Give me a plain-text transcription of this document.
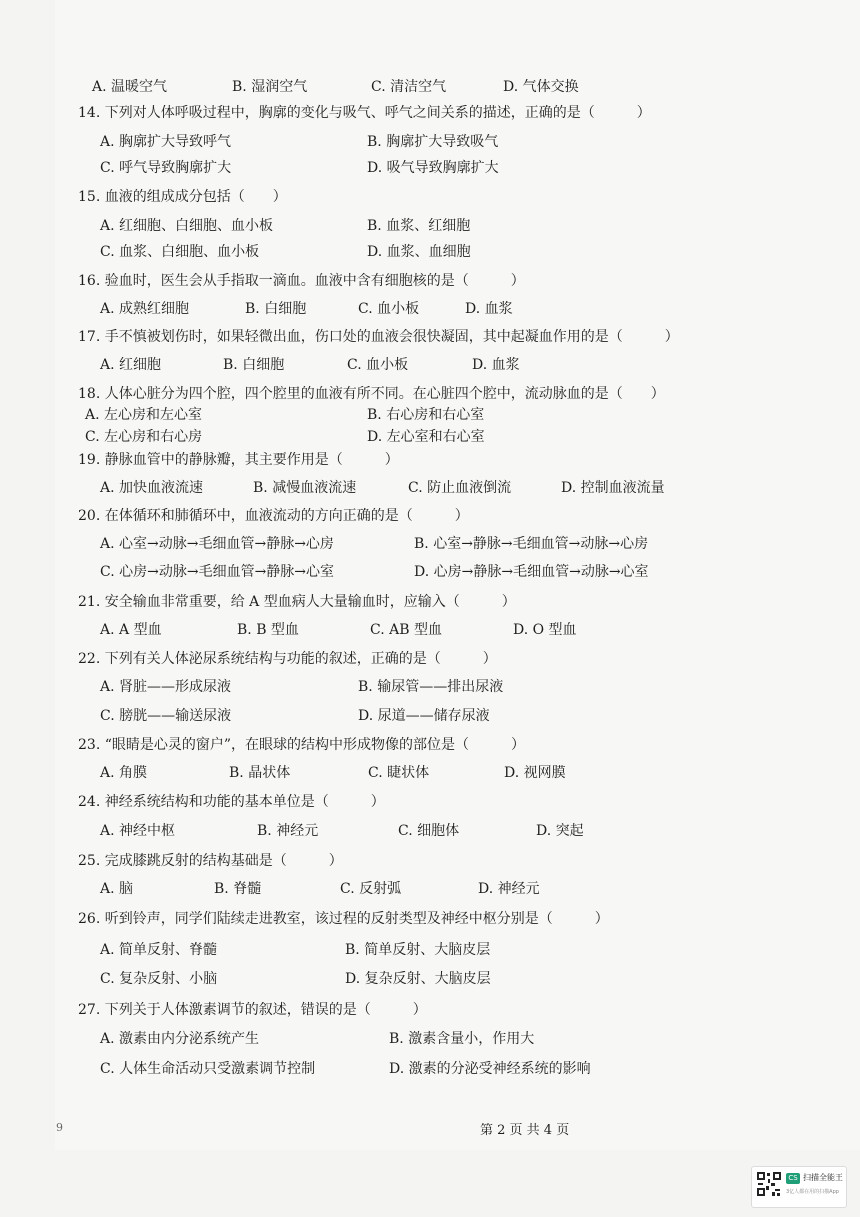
A. 温暖空气	B. 湿润空气	C. 清洁空气	D. 气体交换
14. 下列对人体呼吸过程中，胸廓的变化与吸气、呼气之间关系的描述，正确的是（　　　）
A. 胸廓扩大导致呼气	B. 胸廓扩大导致吸气
C. 呼气导致胸廓扩大	D. 吸气导致胸廓扩大
15. 血液的组成成分包括（　　）
A. 红细胞、白细胞、血小板	B. 血浆、红细胞
C. 血浆、白细胞、血小板	D. 血浆、血细胞
16. 验血时，医生会从手指取一滴血。血液中含有细胞核的是（　　　）
A. 成熟红细胞	B. 白细胞	C. 血小板	D. 血浆
17. 手不慎被划伤时，如果轻微出血，伤口处的血液会很快凝固，其中起凝血作用的是（　　　）
A. 红细胞	B. 白细胞	C. 血小板	D. 血浆
18. 人体心脏分为四个腔，四个腔里的血液有所不同。在心脏四个腔中，流动脉血的是（　　）
A. 左心房和左心室	B. 右心房和右心室
C. 左心房和右心房	D. 左心室和右心室
19. 静脉血管中的静脉瓣，其主要作用是（　　　）
A. 加快血液流速	B. 减慢血液流速	C. 防止血液倒流	D. 控制血液流量
20. 在体循环和肺循环中，血液流动的方向正确的是（　　　）
A. 心室→动脉→毛细血管→静脉→心房	B. 心室→静脉→毛细血管→动脉→心房
C. 心房→动脉→毛细血管→静脉→心室	D. 心房→静脉→毛细血管→动脉→心室
21. 安全输血非常重要，给 A 型血病人大量输血时，应输入（　　　）
A. A 型血	B. B 型血	C. AB 型血	D. O 型血
22. 下列有关人体泌尿系统结构与功能的叙述，正确的是（　　　）
A. 肾脏——形成尿液	B. 输尿管——排出尿液
C. 膀胱——输送尿液	D. 尿道——储存尿液
23. “眼睛是心灵的窗户”，在眼球的结构中形成物像的部位是（　　　）
A. 角膜	B. 晶状体	C. 睫状体	D. 视网膜
24. 神经系统结构和功能的基本单位是（　　　）
A. 神经中枢	B. 神经元	C. 细胞体	D. 突起
25. 完成膝跳反射的结构基础是（　　　）
A. 脑	B. 脊髓	C. 反射弧	D. 神经元
26. 听到铃声，同学们陆续走进教室，该过程的反射类型及神经中枢分别是（　　　）
A. 简单反射、脊髓	B. 简单反射、大脑皮层
C. 复杂反射、小脑	D. 复杂反射、大脑皮层
27. 下列关于人体激素调节的叙述，错误的是（　　　）
A. 激素由内分泌系统产生	B. 激素含量小，作用大
C. 人体生命活动只受激素调节控制	D. 激素的分泌受神经系统的影响
9	第 2 页 共 4 页
CS 扫描全能王
3亿人都在用的扫描App
